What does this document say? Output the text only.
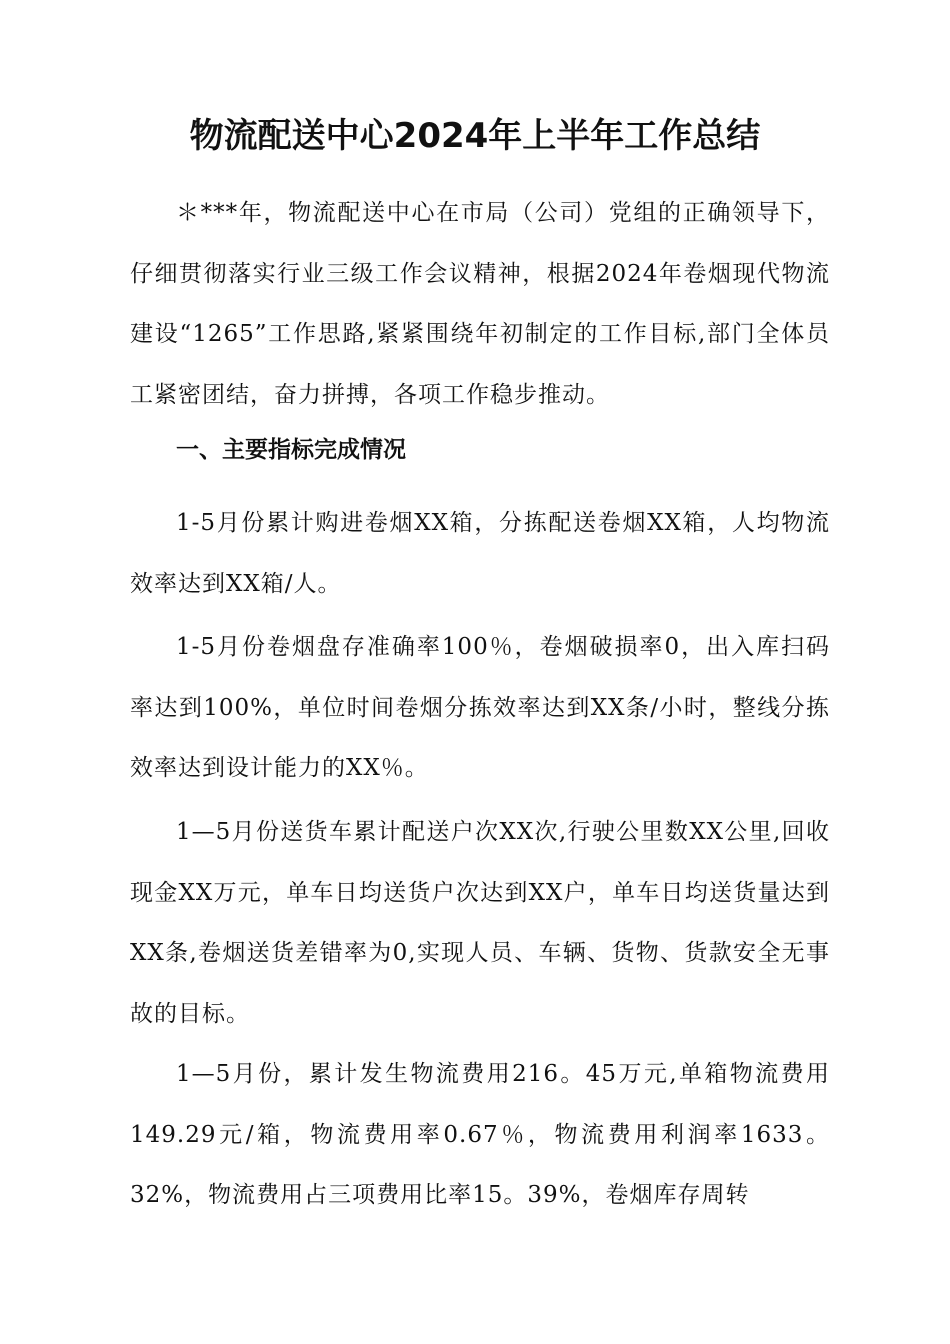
物流配送中心2024年上半年工作总结

＊***年，物流配送中心在市局（公司）党组的正确领导下，仔细贯彻落实行业三级工作会议精神，根据2024年卷烟现代物流建设“1265”工作思路,紧紧围绕年初制定的工作目标,部门全体员工紧密团结，奋力拼搏，各项工作稳步推动。

一、主要指标完成情况

1-5月份累计购进卷烟XX箱，分拣配送卷烟XX箱，人均物流效率达到XX箱/人。

1-5月份卷烟盘存准确率100％，卷烟破损率0，出入库扫码率达到100%，单位时间卷烟分拣效率达到XX条/小时，整线分拣效率达到设计能力的XX％。

1—5月份送货车累计配送户次XX次,行驶公里数XX公里,回收现金XX万元，单车日均送货户次达到XX户，单车日均送货量达到XX条,卷烟送货差错率为0,实现人员、车辆、货物、货款安全无事故的目标。

1—5月份，累计发生物流费用216。45万元,单箱物流费用149.29元/箱，物流费用率0.67％，物流费用利润率1633。32%，物流费用占三项费用比率15。39%，卷烟库存周转
